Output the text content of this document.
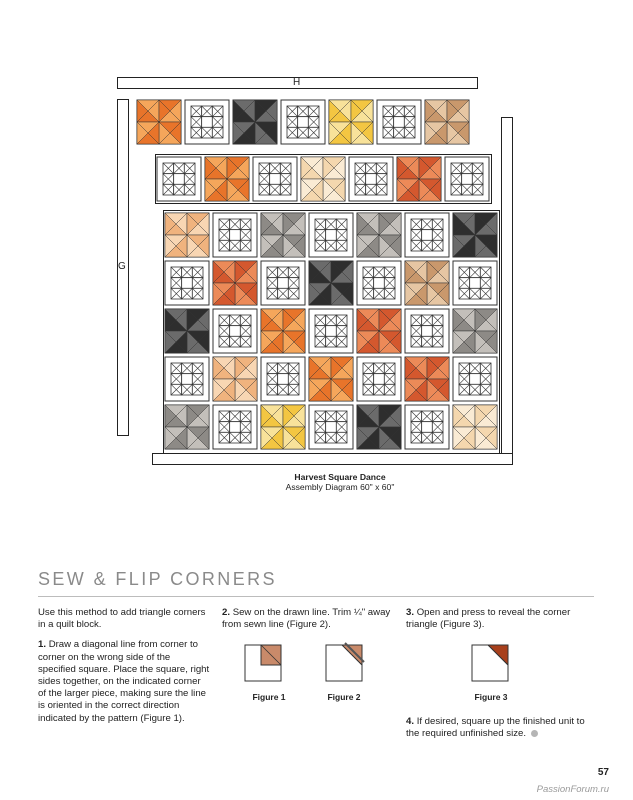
H
G
Harvest Square Dance
Assembly Diagram 60" x 60"
SEW & FLIP CORNERS

Use this method to add triangle corners in a quilt block.

1. Draw a diagonal line from corner to corner on the wrong side of the specified square. Place the square, right sides together, on the indicated corner of the larger piece, making sure the line is oriented in the correct direction indicated by the pattern (Figure 1).

2. Sew on the drawn line. Trim ¼" away from sewn line (Figure 2).

3. Open and press to reveal the corner triangle (Figure 3).

4. If desired, square up the finished unit to the required unfinished size.
Figure 1	Figure 2	Figure 3
57
PassionForum.ru
